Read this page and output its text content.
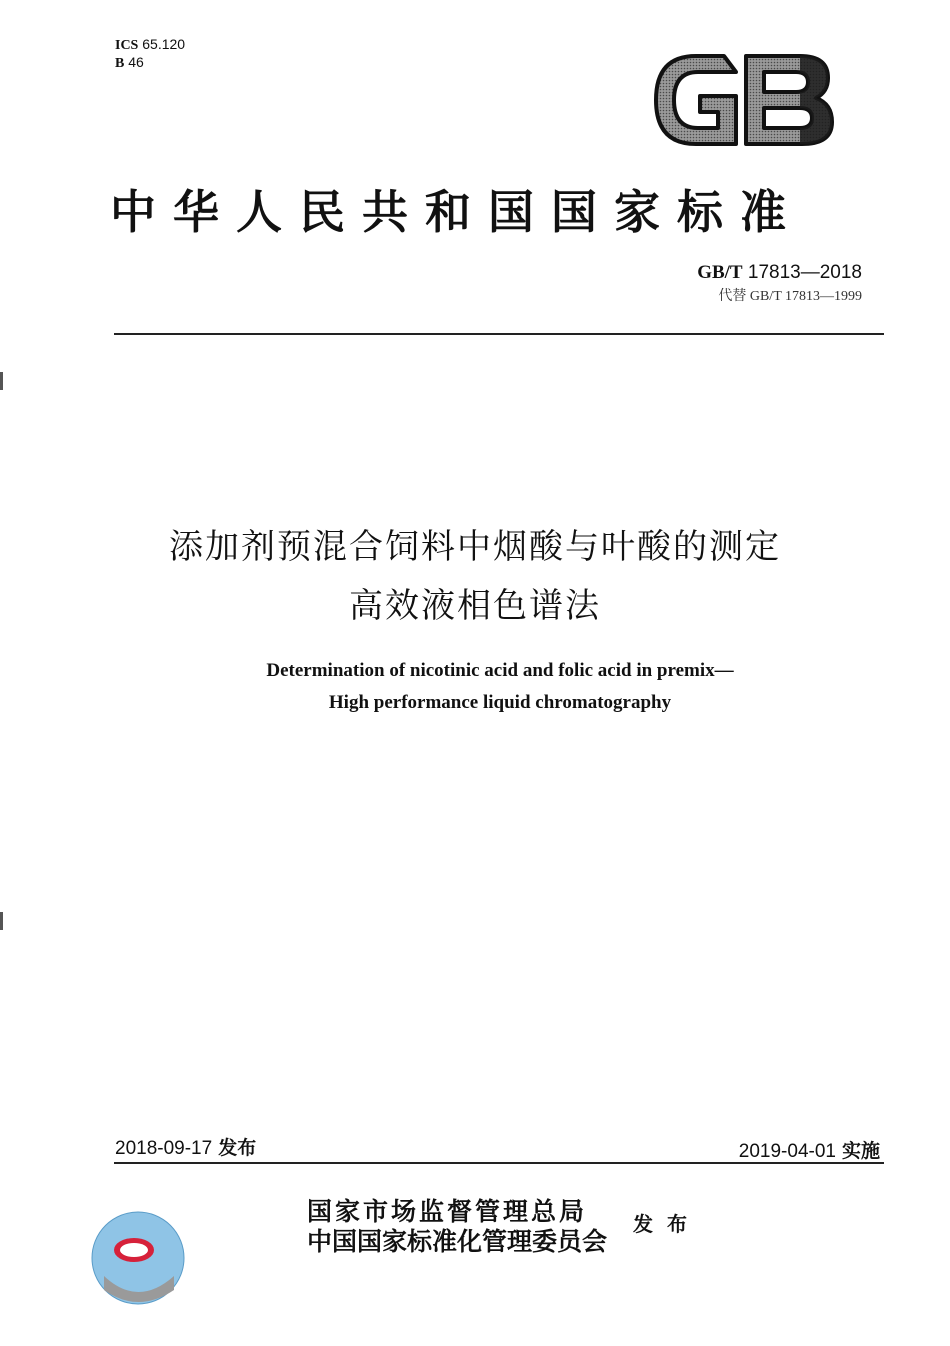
ICS 65.120
B 46
中华人民共和国国家标准
GB/T 17813—2018
代替 GB/T 17813—1999
添加剂预混合饲料中烟酸与叶酸的测定
高效液相色谱法
Determination of nicotinic acid and folic acid in premix—
High performance liquid chromatography
2018-09-17 发布	2019-04-01 实施
国家市场监督管理总局
中国国家标准化管理委员会
发布
